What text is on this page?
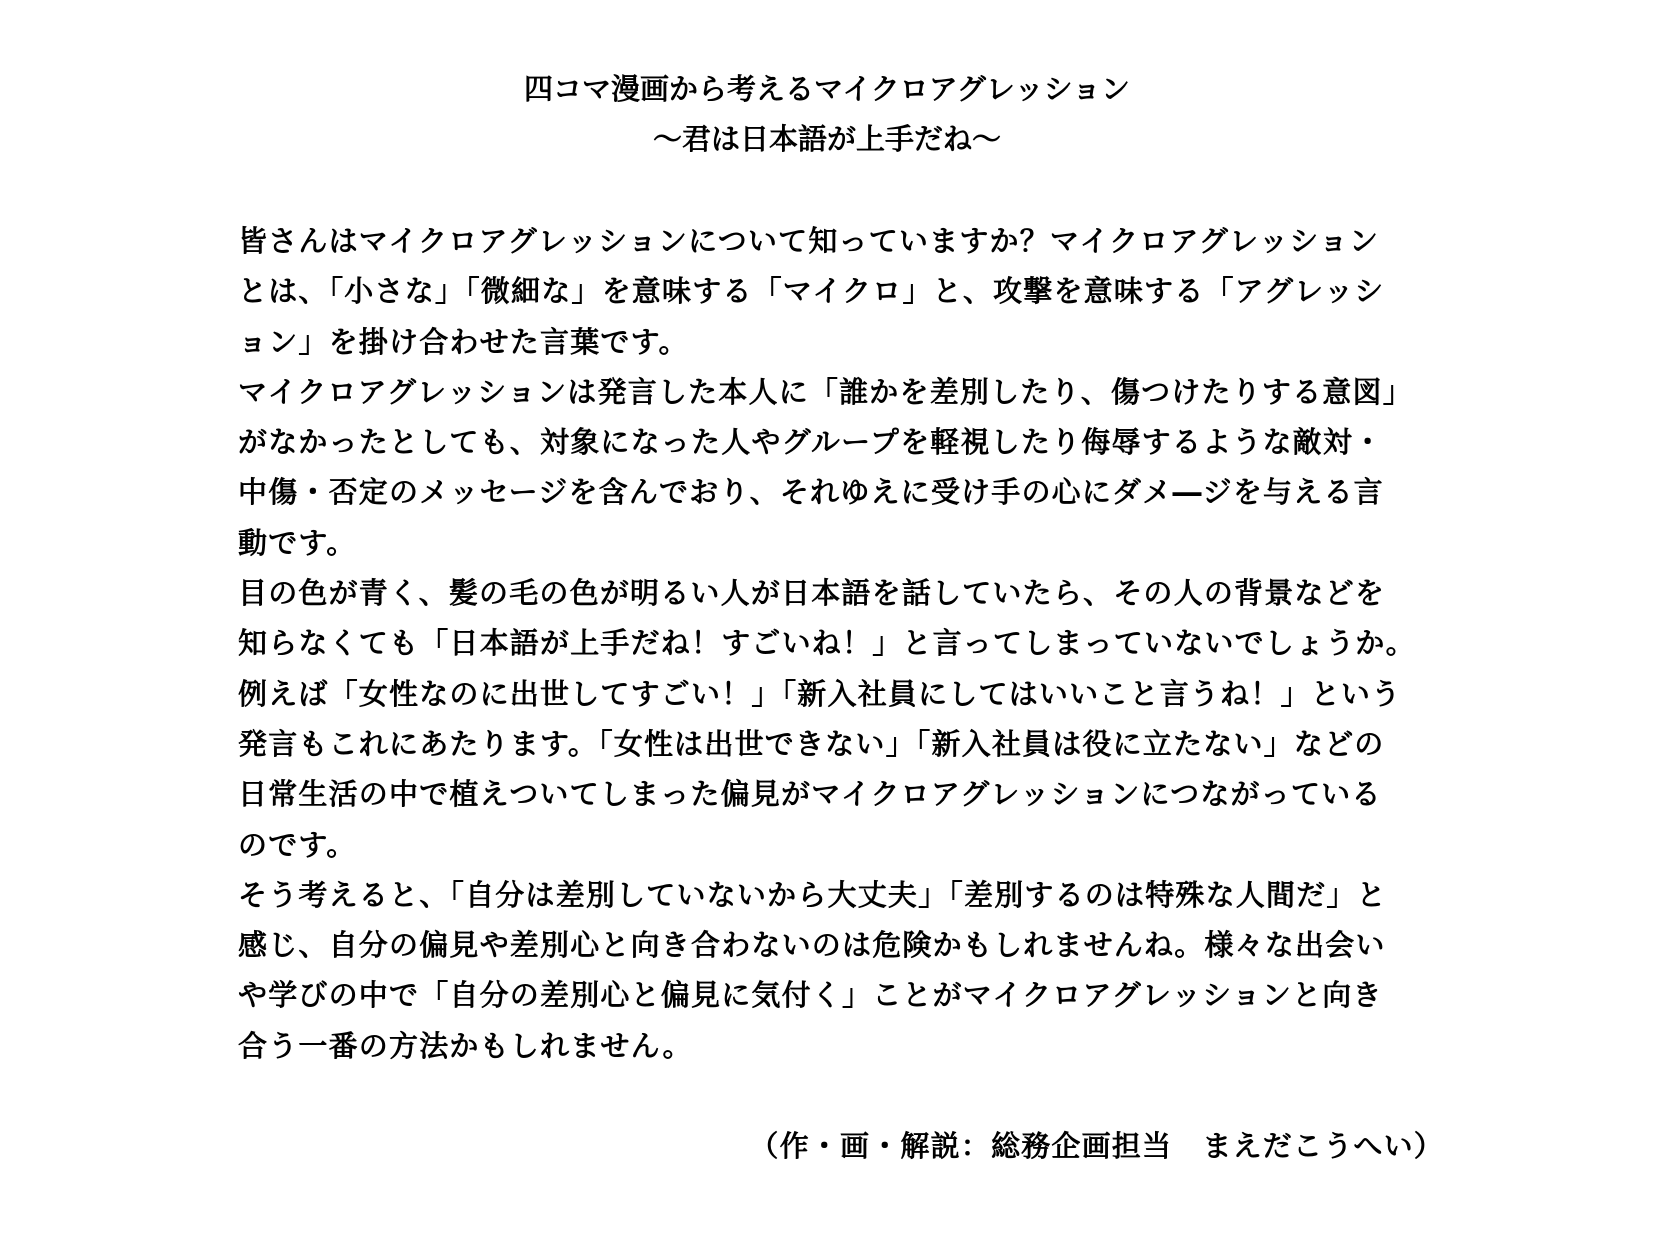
四コマ漫画から考えるマイクロアグレッション
〜君は日本語が上手だね〜
皆さんはマイクロアグレッションについて知っていますか？マイクロアグレッション
とは、「小さな」「微細な」を意味する「マイクロ」と、攻撃を意味する「アグレッシ
ョン」を掛け合わせた言葉です。
マイクロアグレッションは発言した本人に「誰かを差別したり、傷つけたりする意図」
がなかったとしても、対象になった人やグループを軽視したり侮辱するような敵対・
中傷・否定のメッセージを含んでおり、それゆえに受け手の心にダメ―ジを与える言
動です。
目の色が青く、髪の毛の色が明るい人が日本語を話していたら、その人の背景などを
知らなくても「日本語が上手だね！すごいね！」と言ってしまっていないでしょうか。
例えば「女性なのに出世してすごい！」「新入社員にしてはいいこと言うね！」という
発言もこれにあたります。「女性は出世できない」「新入社員は役に立たない」などの
日常生活の中で植えついてしまった偏見がマイクロアグレッションにつながっている
のです。
そう考えると、「自分は差別していないから大丈夫」「差別するのは特殊な人間だ」と
感じ、自分の偏見や差別心と向き合わないのは危険かもしれませんね。様々な出会い
や学びの中で「自分の差別心と偏見に気付く」ことがマイクロアグレッションと向き
合う一番の方法かもしれません。
（作・画・解説：総務企画担当　まえだこうへい）
